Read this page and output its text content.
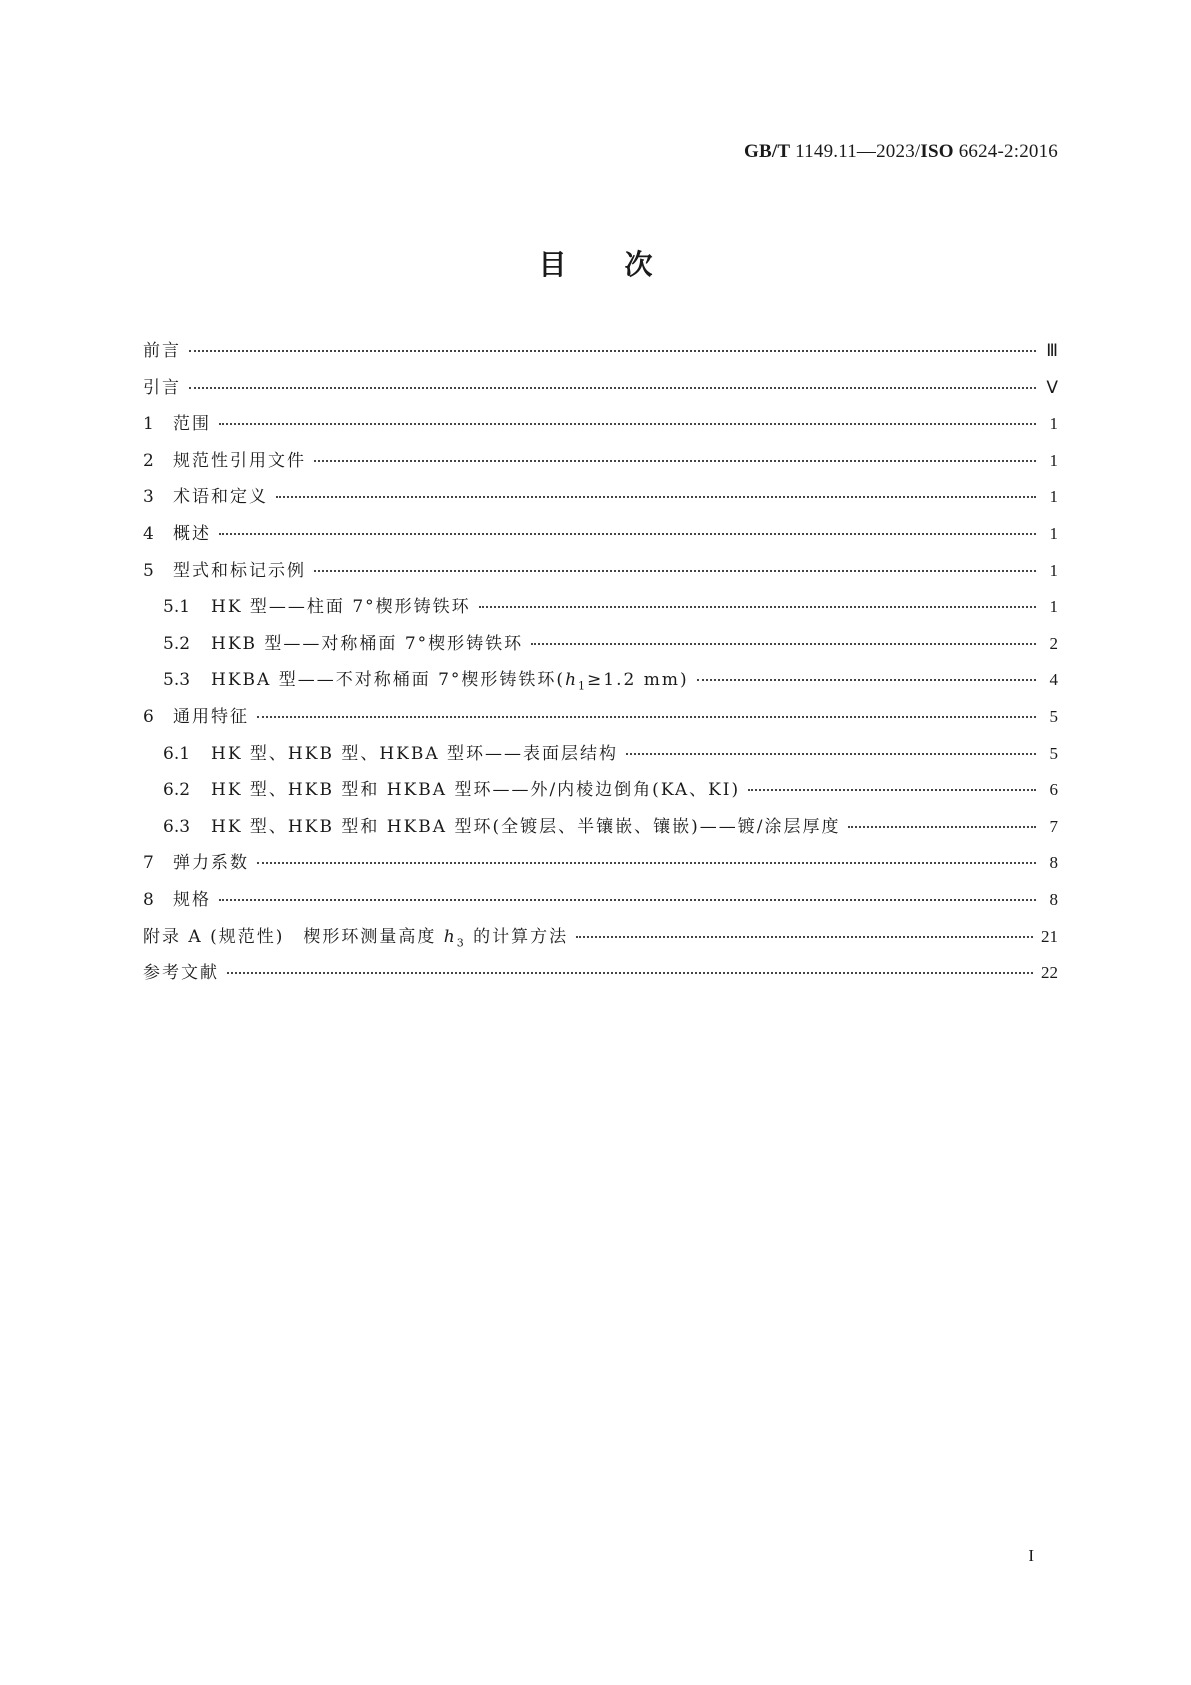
GB/T 1149.11—2023/ISO 6624-2:2016
目次
前言	Ⅲ
引言	Ⅴ
1	范围	1
2	规范性引用文件	1
3	术语和定义	1
4	概述	1
5	型式和标记示例	1
5.1	HK 型——柱面 7°楔形铸铁环	1
5.2	HKB 型——对称桶面 7°楔形铸铁环	2
5.3	HKBA 型——不对称桶面 7°楔形铸铁环($h_1\ge 1.2$ mm)	4
6	通用特征	5
6.1	HK 型、HKB 型、HKBA 型环——表面层结构	5
6.2	HK 型、HKB 型和 HKBA 型环——外/内棱边倒角(KA、KI)	6
6.3	HK 型、HKB 型和 HKBA 型环(全镀层、半镶嵌、镶嵌)——镀/涂层厚度	7
7	弹力系数	8
8	规格	8
附录 A (规范性)　楔形环测量高度 $h_3$ 的计算方法	21
参考文献	22
I
